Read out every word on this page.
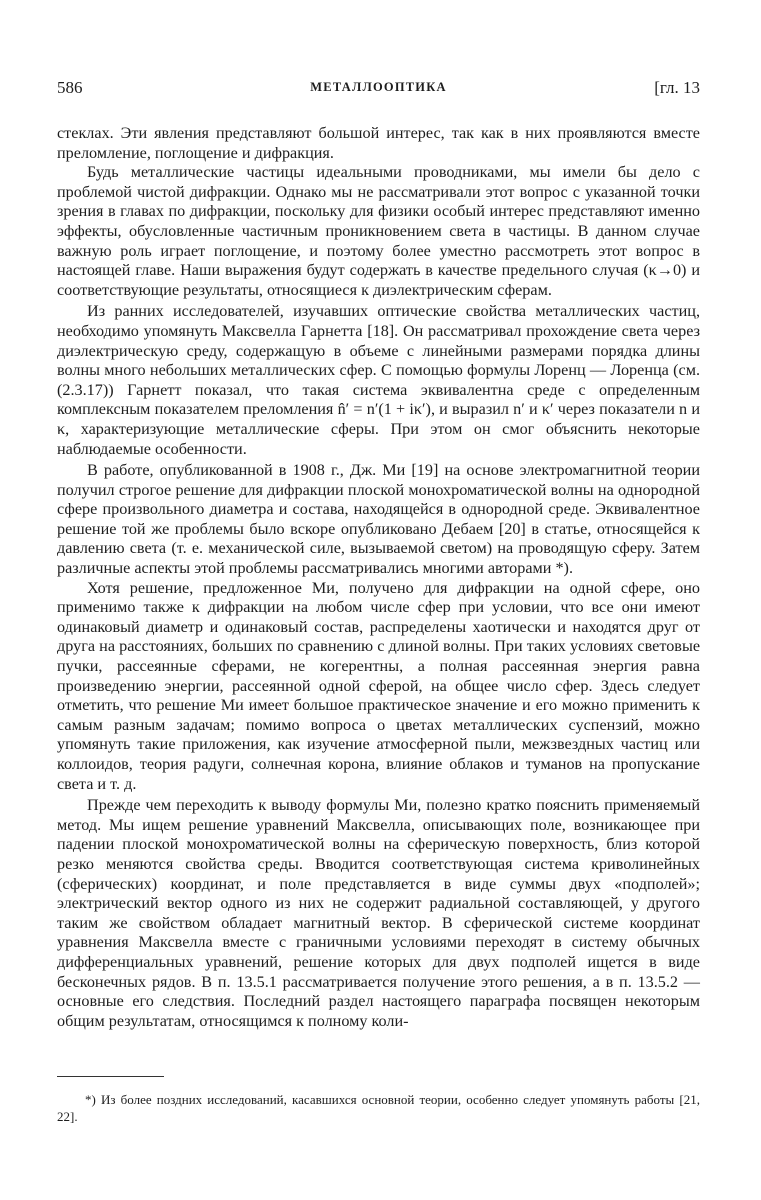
586	МЕТАЛЛООПТИКА	[гл. 13

стеклах. Эти явления представляют большой интерес, так как в них проявляются вместе преломление, поглощение и дифракция.

Будь металлические частицы идеальными проводниками, мы имели бы дело с проблемой чистой дифракции. Однако мы не рассматривали этот вопрос с указанной точки зрения в главах по дифракции, поскольку для физики особый интерес представляют именно эффекты, обусловленные частичным проникновением света в частицы. В данном случае важную роль играет поглощение, и поэтому более уместно рассмотреть этот вопрос в настоящей главе. Наши выражения будут содержать в качестве предельного случая (κ→0) и соответствующие результаты, относящиеся к диэлектрическим сферам.

Из ранних исследователей, изучавших оптические свойства металлических частиц, необходимо упомянуть Максвелла Гарнетта [18]. Он рассматривал прохождение света через диэлектрическую среду, содержащую в объеме с линейными размерами порядка длины волны много небольших металлических сфер. С помощью формулы Лоренц — Лоренца (см. (2.3.17)) Гарнетт показал, что такая система эквивалентна среде с определенным комплексным показателем преломления n̂′ = n′(1 + iκ′), и выразил n′ и κ′ через показатели n и κ, характеризующие металлические сферы. При этом он смог объяснить некоторые наблюдаемые особенности.

В работе, опубликованной в 1908 г., Дж. Ми [19] на основе электромагнитной теории получил строгое решение для дифракции плоской монохроматической волны на однородной сфере произвольного диаметра и состава, находящейся в однородной среде. Эквивалентное решение той же проблемы было вскоре опубликовано Дебаем [20] в статье, относящейся к давлению света (т. е. механической силе, вызываемой светом) на проводящую сферу. Затем различные аспекты этой проблемы рассматривались многими авторами *).

Хотя решение, предложенное Ми, получено для дифракции на одной сфере, оно применимо также к дифракции на любом числе сфер при условии, что все они имеют одинаковый диаметр и одинаковый состав, распределены хаотически и находятся друг от друга на расстояниях, больших по сравнению с длиной волны. При таких условиях световые пучки, рассеянные сферами, не когерентны, а полная рассеянная энергия равна произведению энергии, рассеянной одной сферой, на общее число сфер. Здесь следует отметить, что решение Ми имеет большое практическое значение и его можно применить к самым разным задачам; помимо вопроса о цветах металлических суспензий, можно упомянуть такие приложения, как изучение атмосферной пыли, межзвездных частиц или коллоидов, теория радуги, солнечная корона, влияние облаков и туманов на пропускание света и т. д.

Прежде чем переходить к выводу формулы Ми, полезно кратко пояснить применяемый метод. Мы ищем решение уравнений Максвелла, описывающих поле, возникающее при падении плоской монохроматической волны на сферическую поверхность, близ которой резко меняются свойства среды. Вводится соответствующая система криволинейных (сферических) координат, и поле представляется в виде суммы двух «подполей»; электрический вектор одного из них не содержит радиальной составляющей, у другого таким же свойством обладает магнитный вектор. В сферической системе координат уравнения Максвелла вместе с граничными условиями переходят в систему обычных дифференциальных уравнений, решение которых для двух подполей ищется в виде бесконечных рядов. В п. 13.5.1 рассматривается получение этого решения, а в п. 13.5.2 — основные его следствия. Последний раздел настоящего параграфа посвящен некоторым общим результатам, относящимся к полному коли-

*) Из более поздних исследований, касавшихся основной теории, особенно следует упомянуть работы [21, 22].
